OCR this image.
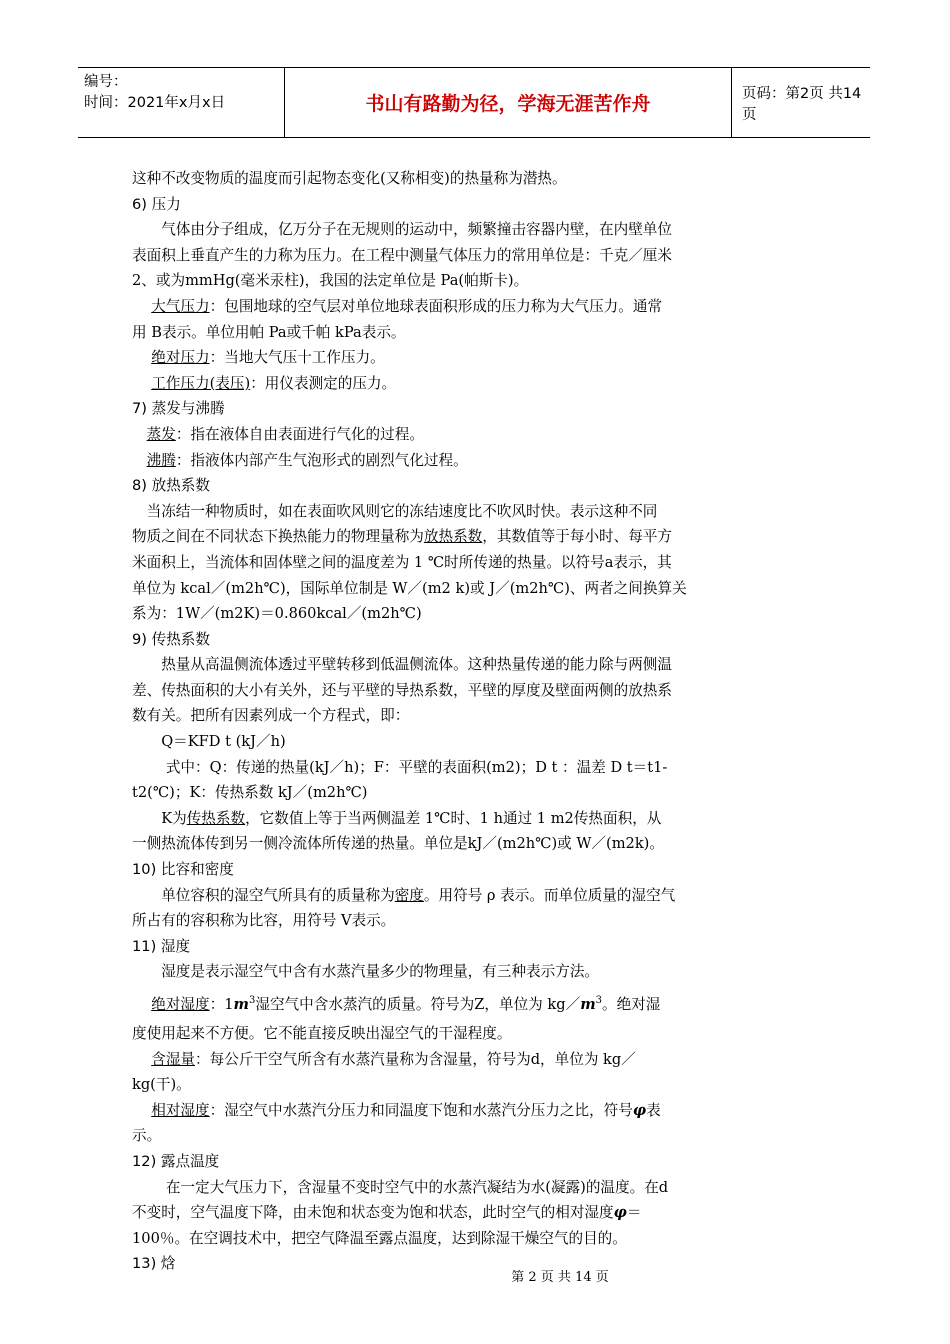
编号：
时间：2021年x月x日	书山有路勤为径，学海无涯苦作舟	页码：第2页 共14页
这种不改变物质的温度而引起物态变化(又称相变)的热量称为潜热。
6) 压力
　　气体由分子组成，亿万分子在无规则的运动中，频繁撞击容器内壁，在内壁单位
表面积上垂直产生的力称为压力。在工程中测量气体压力的常用单位是：千克／厘米
2、或为mmHg(毫米汞柱)，我国的法定单位是 Pa(帕斯卡)。
　 大气压力：包围地球的空气层对单位地球表面积形成的压力称为大气压力。通常
用 B表示。单位用帕 Pa或千帕 kPa表示。
　 绝对压力：当地大气压十工作压力。
　 工作压力(表压)：用仪表测定的压力。
7) 蒸发与沸腾
　蒸发：指在液体自由表面进行气化的过程。
　沸腾：指液体内部产生气泡形式的剧烈气化过程。
8) 放热系数
　当冻结一种物质时，如在表面吹风则它的冻结速度比不吹风时快。表示这种不同
物质之间在不同状态下换热能力的物理量称为放热系数，其数值等于每小时、每平方
米面积上，当流体和固体壁之间的温度差为 1 ℃时所传递的热量。以符号a表示，其
单位为 kcal／(m2h℃)，国际单位制是 W／(m2 k)或 J／(m2h℃)、两者之间换算关
系为：1W／(m2K)＝0.860kcal／(m2h℃)
9) 传热系数
　　热量从高温侧流体透过平壁转移到低温侧流体。这种热量传递的能力除与两侧温
差、传热面积的大小有关外，还与平壁的导热系数，平壁的厚度及壁面两侧的放热系
数有关。把所有因素列成一个方程式，即：
　　Q＝KFD t (kJ／h)
　　 式中：Q：传递的热量(kJ／h)；F：平壁的表面积(m2)；D t ：温差 D t＝t1-
t2(℃)；K：传热系数 kJ／(m2h℃)
　　K为传热系数，它数值上等于当两侧温差 1℃时、1 h通过 1 m2传热面积，从
一侧热流体传到另一侧冷流体所传递的热量。单位是kJ／(m2h℃)或 W／(m2k)。
10) 比容和密度
　　单位容积的湿空气所具有的质量称为密度。用符号 ρ 表示。而单位质量的湿空气
所占有的容积称为比容，用符号 V表示。
11) 湿度
　　湿度是表示湿空气中含有水蒸汽量多少的物理量，有三种表示方法。
　 绝对湿度：$1m^3$湿空气中含水蒸汽的质量。符号为Z，单位为 $kg/m^3$。绝对湿
度使用起来不方便。它不能直接反映出湿空气的干湿程度。
　 含湿量：每公斤干空气所含有水蒸汽量称为含湿量，符号为d，单位为 kg／
kg(干)。
　 相对湿度：湿空气中水蒸汽分压力和同温度下饱和水蒸汽分压力之比，符号φ表
示。
12) 露点温度
　　 在一定大气压力下，含湿量不变时空气中的水蒸汽凝结为水(凝露)的温度。在d
不变时，空气温度下降，由未饱和状态变为饱和状态，此时空气的相对湿度φ＝
100％。在空调技术中，把空气降温至露点温度，达到除湿干燥空气的目的。
13) 焓
第 2 页 共 14 页
